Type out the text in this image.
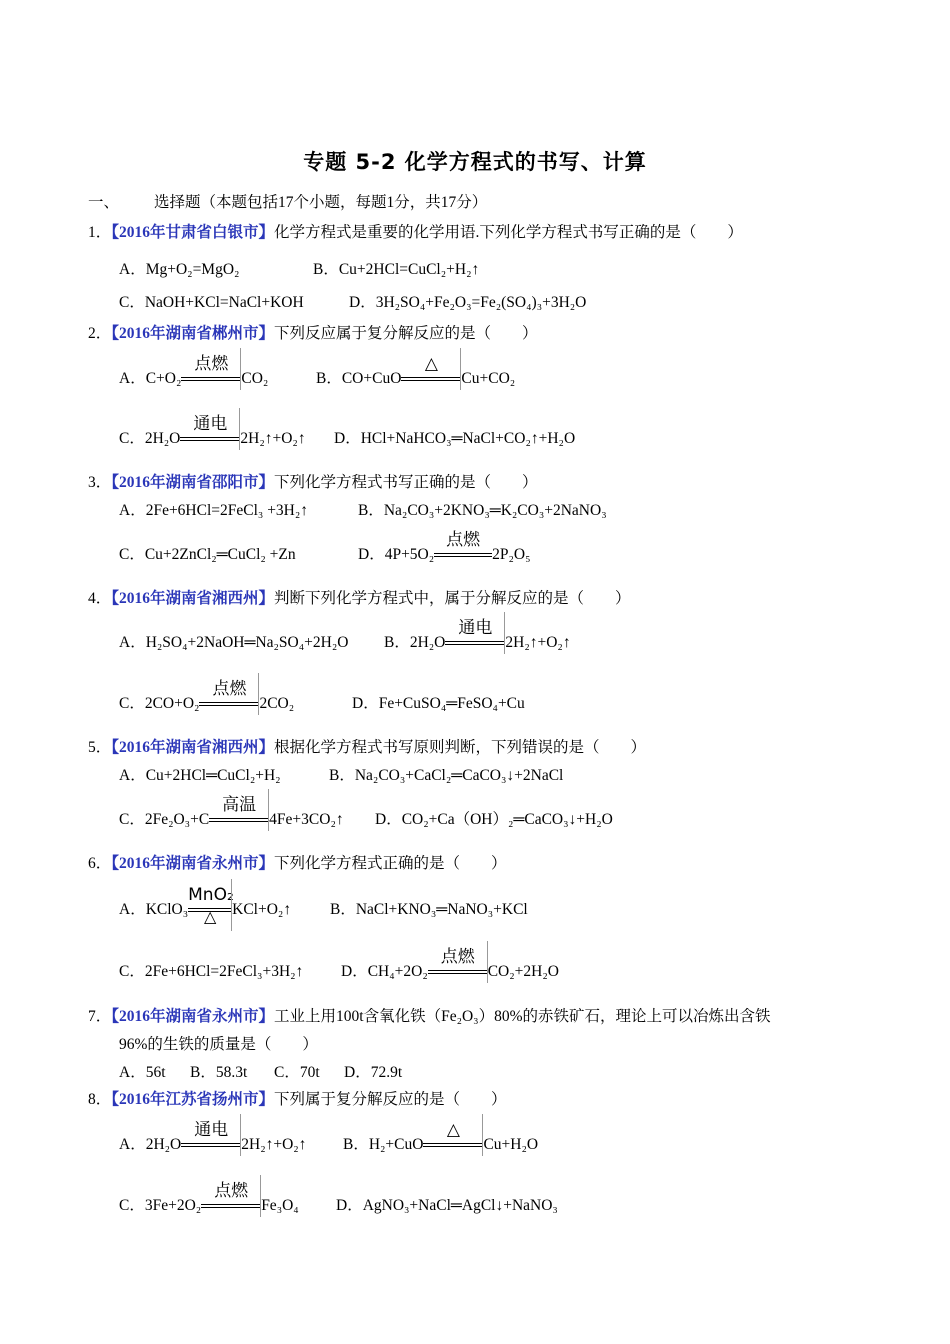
专题 5-2 化学方程式的书写、计算
一、 选择题（本题包括17个小题，每题1分，共17分）
1．【2016年甘肃省白银市】化学方程式是重要的化学用语.下列化学方程式书写正确的是（　　）
A．Mg+O₂=MgO₂	B．Cu+2HCl=CuCl₂+H₂↑
C．NaOH+KCl=NaCl+KOH	D．3H₂SO₄+Fe₂O₃=Fe₂(SO₄)₃+3H₂O
2．【2016年湖南省郴州市】下列反应属于复分解反应的是（　　）
A．C+O₂
点燃
CO₂	B．CO+CuO
△
Cu+CO₂
C．2H₂O
通电
2H₂↑+O₂↑ D．HCl+NaHCO₃═NaCl+CO₂↑+H₂O
3．【2016年湖南省邵阳市】下列化学方程式书写正确的是（　　）
A．2Fe+6HCl=2FeCl₃ +3H₂↑	B．Na₂CO₃+2KNO₃═K₂CO₃+2NaNO₃
C．Cu+2ZnCl₂═CuCl₂ +Zn	D．4P+5O₂
点燃
2P₂O₅
4．【2016年湖南省湘西州】判断下列化学方程式中，属于分解反应的是（　　）
A．H₂SO₄+2NaOH═Na₂SO₄+2H₂O B．2H₂O
通电
2H₂↑+O₂↑
C．2CO+O₂
点燃
2CO₂	D．Fe+CuSO₄═FeSO₄+Cu
5．【2016年湖南省湘西州】根据化学方程式书写原则判断，下列错误的是（　　）
A．Cu+2HCl═CuCl₂+H₂	B．Na₂CO₃+CaCl₂═CaCO₃↓+2NaCl
C．2Fe₂O₃+C
高温
4Fe+3CO₂↑ D．CO₂+Ca（OH）₂═CaCO₃↓+H₂O
6．【2016年湖南省永州市】下列化学方程式正确的是（　　）
A．KClO₃
MnO₂
△	KCl+O₂↑	B．NaCl+KNO₃═NaNO₃+KCl
C．2Fe+6HCl=2FeCl₃+3H₂↑ D．CH₄+2O₂
点燃
CO₂+2H₂O
7．【2016年湖南省永州市】工业上用100t含氧化铁（Fe₂O₃）80%的赤铁矿石，理论上可以冶炼出含铁
96%的生铁的质量是（　　）
A．56t B．58.3t C．70t D．72.9t
8．【2016年江苏省扬州市】下列属于复分解反应的是（　　）
A．2H₂O
通电
2H₂↑+O₂↑ B．H₂+CuO
△
Cu+H₂O
C．3Fe+2O₂
点燃
Fe₃O₄ D．AgNO₃+NaCl═AgCl↓+NaNO₃
